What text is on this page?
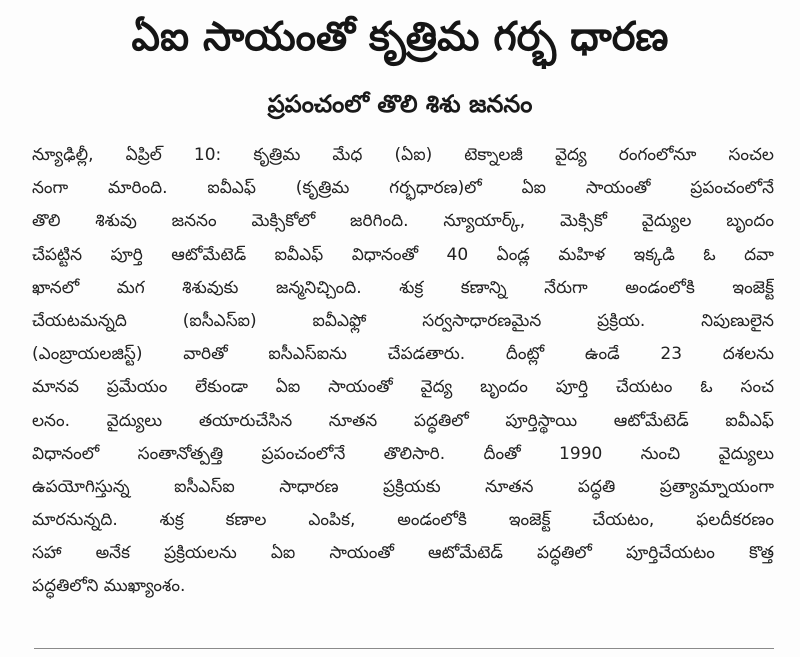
ఏఐ సాయంతో కృత్రిమ గర్భ ధారణ
ప్రపంచంలో తొలి శిశు జననం
న్యూఢిల్లీ, ఏప్రిల్ 10: కృత్రిమ మేధ (ఏఐ) టెక్నాలజీ వైద్య రంగంలోనూ సంచల
నంగా మారింది. ఐవీఎఫ్ (కృత్రిమ గర్భధారణ)లో ఏఐ సాయంతో ప్రపంచంలోనే
తొలి శిశువు జననం మెక్సికోలో జరిగింది. న్యూయార్క్, మెక్సికో వైద్యుల బృందం
చేపట్టిన పూర్తి ఆటోమేటెడ్ ఐవీఎఫ్ విధానంతో 40 ఏండ్ల మహిళ ఇక్కడి ఓ దవా
ఖానలో మగ శిశువుకు జన్మనిచ్చింది. శుక్ర కణాన్ని నేరుగా అండంలోకి ఇంజెక్ట్
చేయటమన్నది (ఐసీఎస్ఐ) ఐవీఎఫ్లో సర్వసాధారణమైన ప్రక్రియ. నిపుణులైన
(ఎంబ్రాయలజిస్ట్) వారితో ఐసీఎస్ఐను చేపడతారు. దీంట్లో ఉండే 23 దశలను
మానవ ప్రమేయం లేకుండా ఏఐ సాయంతో వైద్య బృందం పూర్తి చేయటం ఓ సంచ
లనం. వైద్యులు తయారుచేసిన నూతన పద్ధతిలో పూర్తిస్థాయి ఆటోమేటెడ్ ఐవీఎఫ్
విధానంలో సంతానోత్పత్తి ప్రపంచంలోనే తొలిసారి. దీంతో 1990 నుంచి వైద్యులు
ఉపయోగిస్తున్న ఐసీఎస్ఐ సాధారణ ప్రక్రియకు నూతన పద్ధతి ప్రత్యామ్నాయంగా
మారనున్నది. శుక్ర కణాల ఎంపిక, అండంలోకి ఇంజెక్ట్ చేయటం, ఫలదీకరణం
సహా అనేక ప్రక్రియలను ఏఐ సాయంతో ఆటోమేటెడ్ పద్ధతిలో పూర్తిచేయటం కొత్త
పద్ధతిలోని ముఖ్యాంశం.
